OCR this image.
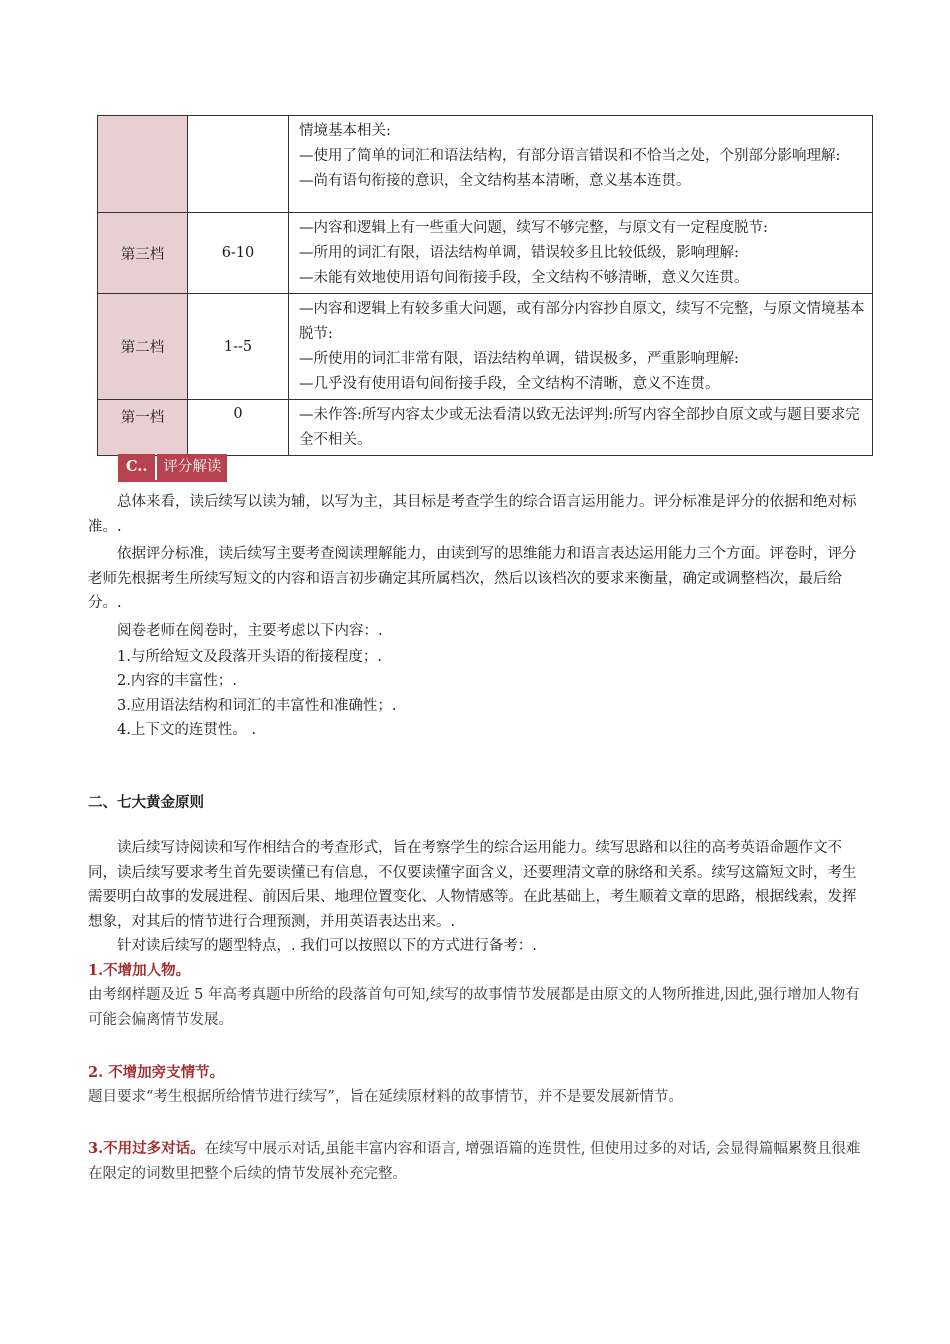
		情境基本相关:
—使用了简单的词汇和语法结构，有部分语言错误和不恰当之处，个别部分影响理解:
—尚有语句衔接的意识，全文结构基本清晰，意义基本连贯。

第三档	6-10	—内容和逻辑上有一些重大问题，续写不够完整，与原文有一定程度脱节:
—所用的词汇有限，语法结构单调，错误较多且比较低级，影响理解:
—未能有效地使用语句间衔接手段，全文结构不够清晰，意义欠连贯。

第二档	1--5	—内容和逻辑上有较多重大问题，或有部分内容抄自原文，续写不完整，与原文情境基本脱节:
—所使用的词汇非常有限，语法结构单调，错误极多，严重影响理解:
—几乎没有使用语句间衔接手段，全文结构不清晰，意义不连贯。

第一档	0	—未作答:所写内容太少或无法看清以致无法评判:所写内容全部抄自原文或与题目要求完全不相关。
C..	评分解读
总体来看，读后续写以读为辅，以写为主，其目标是考查学生的综合语言运用能力。评分标准是评分的依据和绝对标准。.
依据评分标准，读后续写主要考查阅读理解能力，由读到写的思维能力和语言表达运用能力三个方面。评卷时，评分老师先根据考生所续写短文的内容和语言初步确定其所属档次，然后以该档次的要求来衡量，确定或调整档次，最后给分。.
阅卷老师在阅卷时，主要考虑以下内容：.
1.与所给短文及段落开头语的衔接程度；.
2.内容的丰富性；.
3.应用语法结构和词汇的丰富性和准确性；.
4.上下文的连贯性。 .
二、七大黄金原则
读后续写诗阅读和写作相结合的考查形式，旨在考察学生的综合运用能力。续写思路和以往的高考英语命题作文不同，读后续写要求考生首先要读懂已有信息，不仅要读懂字面含义，还要理清文章的脉络和关系。续写这篇短文时，考生需要明白故事的发展进程、前因后果、地理位置变化、人物情感等。在此基础上，考生顺着文章的思路，根据线索，发挥想象，对其后的情节进行合理预测，并用英语表达出来。.
针对读后续写的题型特点，. 我们可以按照以下的方式进行备考：.
1.不增加人物。
由考纲样题及近 5 年高考真题中所给的段落首句可知,续写的故事情节发展都是由原文的人物所推进,因此,强行增加人物有可能会偏离情节发展。
2. 不增加旁支情节。
题目要求“考生根据所给情节进行续写”，旨在延续原材料的故事情节，并不是要发展新情节。
3.不用过多对话。在续写中展示对话,虽能丰富内容和语言, 增强语篇的连贯性, 但使用过多的对话, 会显得篇幅累赘且很难在限定的词数里把整个后续的情节发展补充完整。
